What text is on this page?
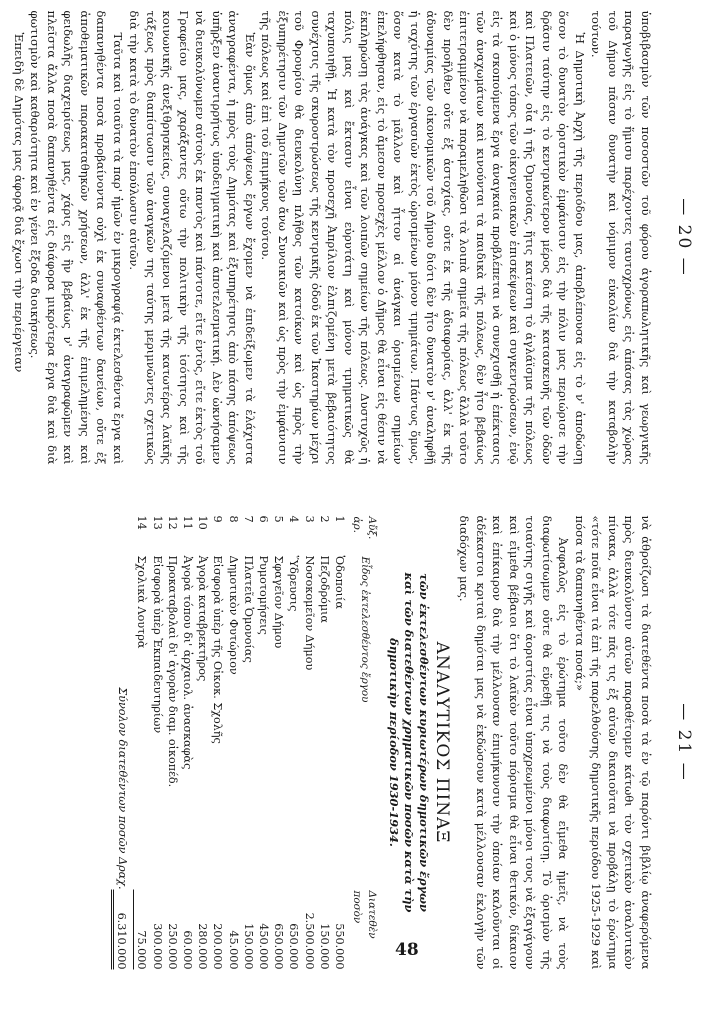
— 20 —

ὑποβιβασμὸν τῶν ποσοστῶν τοῦ φόρου ἀγοραπωλητικῆς καὶ γεωργικῆς παραγωγῆς εἰς τὸ ἥμισυ παρέχοντες ταυτοχρόνως εἰς ἁπάσας τὰς χώρας τοῦ Δήμου πᾶσαν δυνατὴν καὶ νόμιμον εὐκολίαν διὰ τὴν καταβολὴν τούτων.

Ἡ Δημοτικὴ Ἀρχὴ τῆς περιόδου μας, ἀποβλέπουσα εἰς τὸ ν' ἀποδώσῃ ὅσον τὸ δυνατὸν ὁριστικὸν ἐμφάνισιν εἰς τὴν πόλιν μας περιώρισε τὴν δρᾶσιν ταύτην εἰς τὸ κεντρικώτερον μέρος διὰ τῆς κατασκευῆς τῶν ὁδῶν καὶ Πλατειῶν, οἷα ἡ τῆς Ὁμονοίας, ἥτις κατέστη τὸ ἀγλάϊσμα τῆς πόλεως καὶ ὁ μόνος τόπος τῶν οἰκογενειακῶν ἐπισκέψεων καὶ συγκεντρώσεων, ἐνῷ εἰς τὰ σκοπούμενα ἔργα ἀναγκαία προβλέπεται νὰ συνεχισθῇ ἡ ἐπέκτασις τῶν ἀναχωμάτων καὶ κινούνται τὰ παιδικὰ τῆς πόλεως, δὲν ἦτο βεβαίως ἐπιτετραμμένον νὰ παραμεληθῶσι τὰ λοιπὰ σημεῖα τῆς πόλεως ἄλλὰ τοῦτο δὲν προῆλθεν οὔτε ἐξ ἀστοχίας, οὔτε ἐκ τῆς ἀδιαφορίας, ἀλλ' ἐκ τῆς ἀδυναμίας τῶν οἰκονομικῶν τοῦ Δήμου διότι δὲν ἦτο δυνατὸν ν' ἀναληφθῇ ἡ ταχύτης τῶν ἐργασιῶν ἐκτὸς ὡρισμένων μόνον τμημάτων. Πάντως ὅμως, ὅσον κατὰ τὸ μᾶλλον καὶ ἧττον αἱ ἀνάγκαι ὁρισμένων σημείων ἐπελήφθησαν, εἰς τὸ ἄμεσον προσεχὲς μέλλον ὁ Δῆμος θὰ εἶναι εἰς θέσιν νὰ ἐκπληρώσῃ τὰς ἀνάγκας καὶ τῶν λοιπῶν σημείων τῆς πόλεως. Δυστυχῶς ἡ πόλις μας καὶ ἔκτασιν εἶναι εὐρυτάτη καὶ μόνον τμηματικῶς θὰ ταχυποιηθῇ. Ἡ κατὰ τὸν προσεχῆ Ἀπρίλιον ἐλπιζομένη μετὰ βεβαιότητος συνέχισις τῆς σκυροστρώσεως τῆς κεντρικῆς ὁδοῦ ἐκ τῶν Ἰκαστηρίων μέχρι τοῦ Φρουρίου θὰ διευκολύνῃ πλῆθος τῶν κατοίκων καὶ ὡς πρὸς τὴν ἐξυπηρέτησιν τῶν Δημοτῶν τῶν ἄνω Συνοικιῶν καὶ ὡς πρὸς τὴν ἐμφάνισιν τῆς πόλεως καὶ ἐπὶ τοῦ ἐπιμήκους τούτου.

Ἐὰν ὅμως ἀπὸ ἀπόψεως ἔργων ἔχομεν νὰ ἐπιδείξωμεν τὰ ἐλάχιστα ἀναγραφέντα, ἡ πρὸς τοὺς Δημότας καὶ ἐξυπηρέτησις ἀπὸ πάσης ἀπόψεως ὑπῆρξεν ἀναντιρρήτως ὑποδειγματικὴ καὶ ἀποτελεσματική. Δὲν ὠκνήσαμεν νὰ διευκολύνωμεν αὐτοὺς ἐκ παντὸς καὶ πάντοτε, εἴτε ἐντὸς, εἴτε ἐκτὸς τοῦ Γραφείου μας, χαράξαντες οὕτω τὴν πολιτικὴν τῆς ἰσότητος καὶ τῆς κοινωνικῆς ἀνεξιθρησκείας, συναγελαζόμενοι μετὰ τῆς κατωτέρας λαϊκῆς τάξεως πρὸς διαπίστωσιν τῶν ἀναγκῶν της ταύτης μεριμνῶντες σχετικῶς διὰ τὴν κατὰ τὸ δυνατὸν ἐπούλωσιν αὐτῶν.

Ταῦτα καὶ τοιαῦτα τὰ παρ' ἡμῶν ἐν μικρογραφίᾳ ἐκτελεσθέντα ἔργα καὶ δαπανηθέντα ποσὰ προβαίνοντα οὐχὶ ἐκ συναφθέντων δανείων, οὔτε ἐξ ἀποθεματικῶν παρακαταθηκῶν χρήσεων, ἀλλ' ἐκ τῆς ἐπιμελημένης καὶ φειδωλῆς διαχειρίσεως μας, χάρις εἰς ἣν βεβαίως ν' ἀναγραφῶμεν καὶ πλεῖστα ἄλλα ποσὰ δαπανηθέντα εἰς διάφορα μικρότερα ἔργα διὰ καὶ διὰ φωτισμὸν καὶ καθαριότητα καὶ ἐν γένει ἔξοδα διοικήσεως.

Ἐπειδὴ δὲ Δημότας μας ἀφορᾷ διὰ ἔχωσι τὴν περιέργειαν

— 21 —

νὰ ἀθροίζωσι τὰ διατεθέντα ποσὰ τὰ ἐν τῷ παρόντι βιβλίῳ ἀναφερόμενα πρὸς διευκολύνσιν αὐτῶν παραθέτομεν κάτωθι τὸν σχετικὸν ἀναλυτικὸν πίνακα, ἀλλὰ τότε πᾶς τις ἐξ αὐτῶν δικαιοῦται νὰ προβάλῃ τὸ ἐρώτημα «τότε ποῖα εἶναι τὰ ἐπὶ τῆς παρελθούσης δημοτικῆς περιόδου 1925-1929 καὶ πόσα τὰ δαπανηθέντα ποσά;»

Ἀσφαλῶς εἰς τὸ ἐρώτημα τοῦτο δὲν θὰ εἴμεθα ἡμεῖς, νὰ τοὺς διαφωτίσωμεν οὔτε θὰ εὕρεθῇ τις νὰ τοὺς διαφωτίσῃ. Τὸ ὁρισμὸν τῆς τοιαύτης σιγῆς καὶ ἀοριστίας εἶναι ὑποχρεωμένοι μόνοι τους νὰ ἐξαγάγουν καὶ εἴμεθα βέβαιοι ὅτι τὸ λαϊκὸν τοῦτο πόρισμα θὰ εἶναι θετικόν, δίκαιον καὶ ἐπίκαιρον διὰ τὴν μέλλουσαν ἐπιμήκυνσιν τὴν ὁποίαν καλοῦνται οἱ ἀδέκαστοι κριταὶ δημόται μας νὰ ἐκδώσουν κατὰ μέλλουσαν ἐκλογὴν τῶν διαδόχων μας.

ΑΝΑΛΥΤΙΚΟΣ ΠΙΝΑΞ
τῶν ἐκτελεσθέντων κυριωτέρων δημοτικῶν ἔργων
καὶ τῶν διατεθέντων χρηματικῶν ποσῶν κατὰ τὴν
δημοτικὴν περίοδον 1930-1934.
Αὔξ. ἀρ.	Εἶδος ἐκτελεσθέντος ἔργου	Διατεθὲν ποσὸν
1	Ὁδοποιία	550.000
2	Πεζοδρόμια	150.000
3	Νοσοκομεῖον Δήμου	2.500.000
4	Ὕδρευσις	650.000
5	Σφαγεῖον Δήμου	650.000
6	Ρυμοτομήσεις	450.000
7	Πλατεῖα Ὁμονοίας	150.000
8	Δημοτικὸν Φυτώριον	45.000
9	Εἰσφορὰ ὑπὲρ τῆς Οἰκοκ. Σχολῆς	200.000
10	Ἀγορὰ καταβρεκτῆρος	280.000
11	Ἀγορὰ τόπου δι' ἀρχαιολ. ἀνασκαφὰς	60.000
12	Προκαταβολαὶ δι' ἀγορὰν διαμ. οἰκοπέδ.	250.000
13	Εἰσφορὰ ὑπὲρ Ἐκπαιδευτηρίων	300.000
14	Σχολικὰ Λουτρὰ	75.000
Σύνολον διατεθέντων ποσῶν Δραχ.		6.310.000	48
